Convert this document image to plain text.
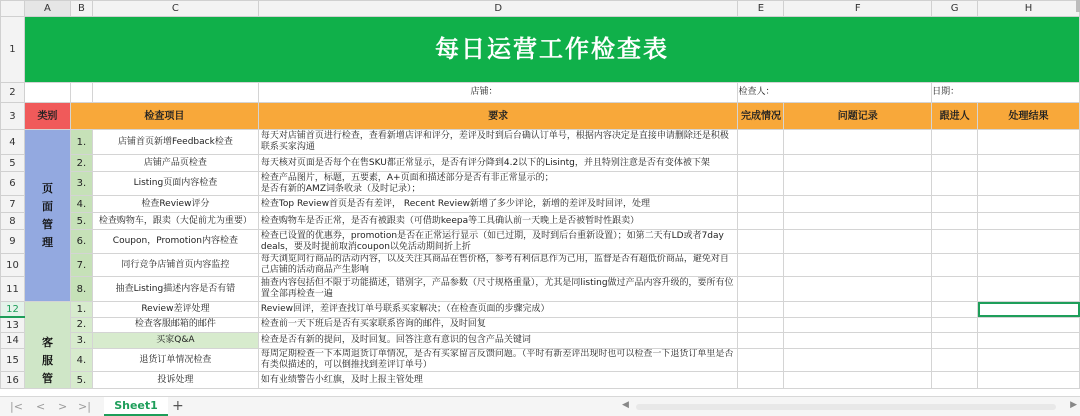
	A	B	C	D	E	F	G	H
1	每日运营工作检查表							
2				店铺：	检查人：		日期：	
3	类别	检查项目		要求	完成情况	问题记录	跟进人	处理结果
4	页面管理	1.	店铺首页新增Feedback检查	每天对店铺首页进行检查，查看新增店评和评分，差评及时到后台确认订单号，根据内容决定是直接申请删除还是积极联系买家沟通				
5		2.	店铺产品页检查	每天核对页面是否每个在售SKU都正常显示，是否有评分降到4.2以下的Lisintg，并且特别注意是否有变体被下架				
6		3.	Listing页面内容检查	检查产品图片，标题，五要素，A+页面和描述部分是否有非正常显示的；
是否有新的AMZ词条收录（及时记录）；				
7		4.	检查Review评分	检查Top Review首页是否有差评， Recent Review新增了多少评论，新增的差评及时回评，处理				
8		5.	检查购物车，跟卖（大促前尤为重要）	检查购物车是否正常，是否有被跟卖（可借助keepa等工具确认前一天晚上是否被暂时性跟卖）				
9		6.	Coupon，Promotion内容检查	检查已设置的优惠券，promotion是否在正常运行显示（如已过期，及时到后台重新设置）；如第二天有LD或者7day deals，要及时提前取消coupon以免活动期间折上折				
10		7.	同行竞争店铺首页内容监控	每天浏览同行商品的活动内容，以及关注其商品在售价格，参考有利信息作为己用，监督是否有超低价商品，避免对自己店铺的活动商品产生影响				
11		8.	抽查Listing描述内容是否有错	抽查内容包括但不限于功能描述，错别字，产品参数（尺寸规格重量），尤其是同listing做过产品内容升级的，要所有位置全部再检查一遍				
12	客服管	1.	Review差评处理	Review回评，差评查找订单号联系买家解决；（在检查页面的步骤完成）				
13		2.	检查客服邮箱的邮件	检查前一天下班后是否有买家联系咨询的邮件，及时回复				
14		3.	买家Q&A	检查是否有新的提问，及时回复。回答注意有意识的包含产品关键词				
15		4.	退货订单情况检查	每周定期检查一下本周退货订单情况，是否有买家留言反馈问题。（平时有新差评出现时也可以检查一下退货订单里是否有类似描述的，可以倒推找到差评订单号）				
16		5.	投诉处理	如有业绩警告小红旗，及时上报主管处理				
|< < > >|	Sheet1	+	◀	▶
